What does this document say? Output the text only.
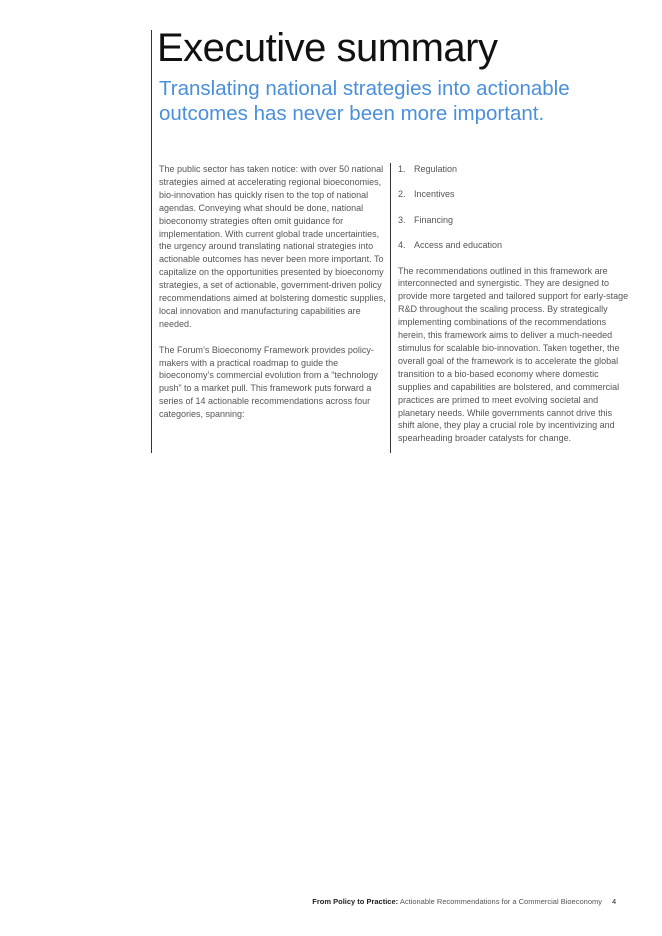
Executive summary
Translating national strategies into actionable outcomes has never been more important.

The public sector has taken notice: with over 50 national strategies aimed at accelerating regional bioeconomies, bio-innovation has quickly risen to the top of national agendas. Conveying what should be done, national bioeconomy strategies often omit guidance for implementation. With current global trade uncertainties, the urgency around translating national strategies into actionable outcomes has never been more important. To capitalize on the opportunities presented by bioeconomy strategies, a set of actionable, government-driven policy recommendations aimed at bolstering domestic supplies, local innovation and manufacturing capabilities are needed.

The Forum’s Bioeconomy Framework provides policy-makers with a practical roadmap to guide the bioeconomy’s commercial evolution from a “technology push” to a market pull. This framework puts forward a series of 14 actionable recommendations across four categories, spanning:

1. Regulation
2. Incentives
3. Financing
4. Access and education

The recommendations outlined in this framework are interconnected and synergistic. They are designed to provide more targeted and tailored support for early-stage R&D throughout the scaling process. By strategically implementing combinations of the recommendations herein, this framework aims to deliver a much-needed stimulus for scalable bio-innovation. Taken together, the overall goal of the framework is to accelerate the global transition to a bio-based economy where domestic supplies and capabilities are bolstered, and commercial practices are primed to meet evolving societal and planetary needs. While governments cannot drive this shift alone, they play a crucial role by incentivizing and spearheading broader catalysts for change.

From Policy to Practice: Actionable Recommendations for a Commercial Bioeconomy 4
